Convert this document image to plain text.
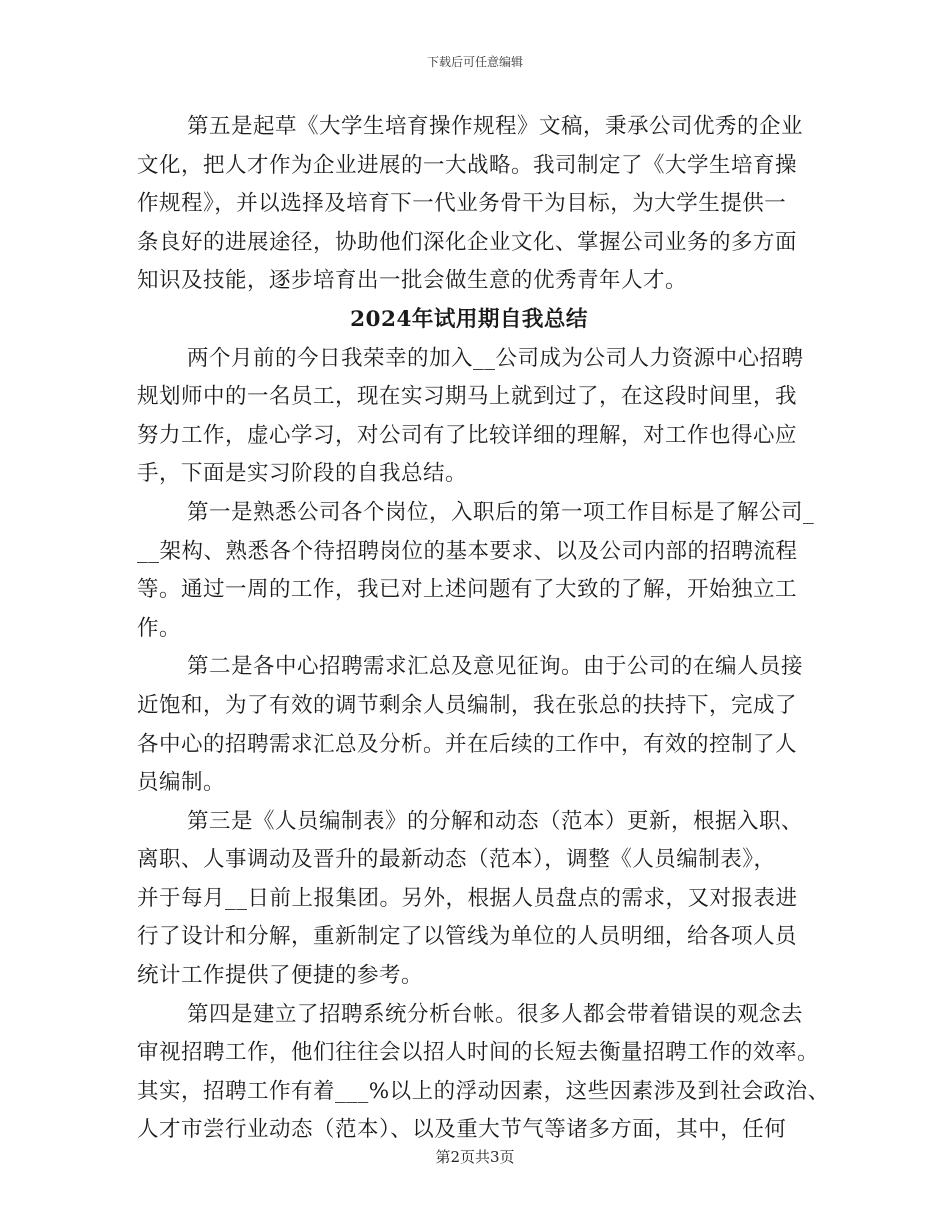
下载后可任意编辑
第五是起草《大学生培育操作规程》文稿，秉承公司优秀的企业
文化，把人才作为企业进展的一大战略。我司制定了《大学生培育操
作规程》，并以选择及培育下一代业务骨干为目标，为大学生提供一
条良好的进展途径，协助他们深化企业文化、掌握公司业务的多方面
知识及技能，逐步培育出一批会做生意的优秀青年人才。
2024年试用期自我总结
两个月前的今日我荣幸的加入__公司成为公司人力资源中心招聘
规划师中的一名员工，现在实习期马上就到过了，在这段时间里，我
努力工作，虚心学习，对公司有了比较详细的理解，对工作也得心应
手，下面是实习阶段的自我总结。
第一是熟悉公司各个岗位，入职后的第一项工作目标是了解公司_
__架构、熟悉各个待招聘岗位的基本要求、以及公司内部的招聘流程
等。通过一周的工作，我已对上述问题有了大致的了解，开始独立工
作。
第二是各中心招聘需求汇总及意见征询。由于公司的在编人员接
近饱和，为了有效的调节剩余人员编制，我在张总的扶持下，完成了
各中心的招聘需求汇总及分析。并在后续的工作中，有效的控制了人
员编制。
第三是《人员编制表》的分解和动态（范本）更新，根据入职、
离职、人事调动及晋升的最新动态（范本），调整《人员编制表》，
并于每月__日前上报集团。另外，根据人员盘点的需求，又对报表进
行了设计和分解，重新制定了以管线为单位的人员明细，给各项人员
统计工作提供了便捷的参考。
第四是建立了招聘系统分析台帐。很多人都会带着错误的观念去
审视招聘工作，他们往往会以招人时间的长短去衡量招聘工作的效率。
其实，招聘工作有着___%以上的浮动因素，这些因素涉及到社会政治、
人才市尝行业动态（范本）、以及重大节气等诸多方面，其中，任何
第2页共3页
